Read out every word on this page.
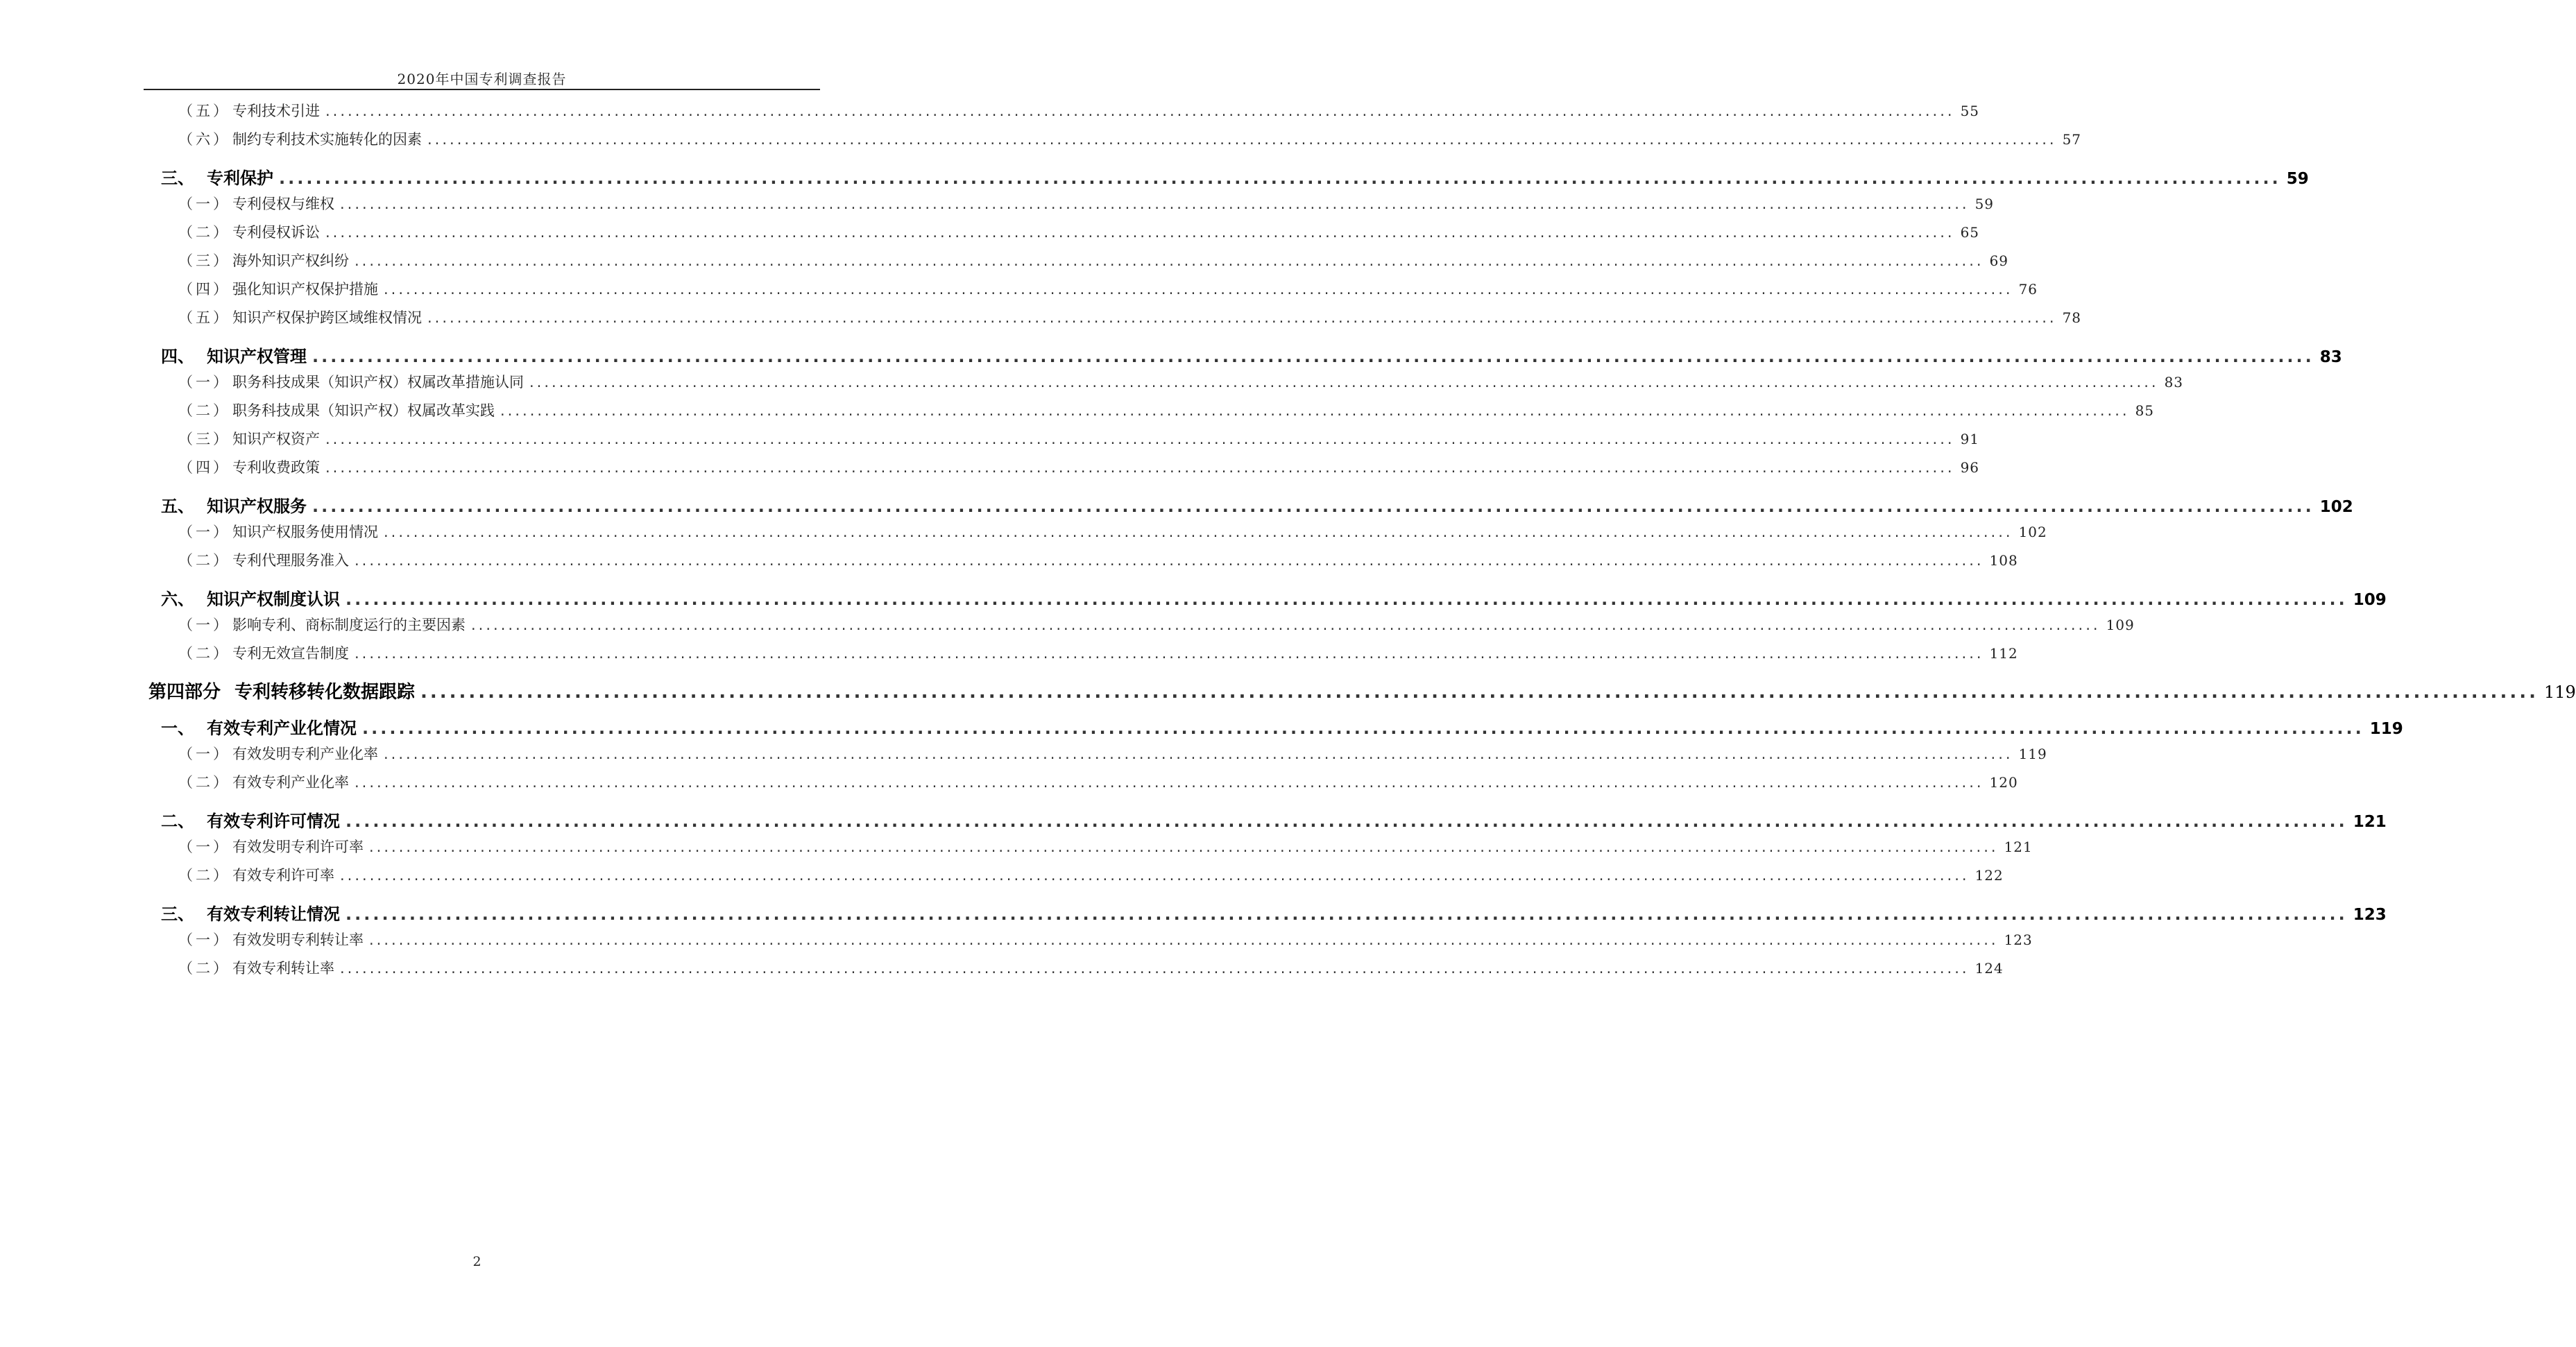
2020年中国专利调查报告
（五） 专利技术引进 ............................................................................................................................................................................................................................ 55
（六） 制约专利技术实施转化的因素 ............................................................................................................................................................................................................................ 57
三、 专利保护 ............................................................................................................................................................................................................................ 59
（一） 专利侵权与维权 ............................................................................................................................................................................................................................ 59
（二） 专利侵权诉讼 ............................................................................................................................................................................................................................ 65
（三） 海外知识产权纠纷 ............................................................................................................................................................................................................................ 69
（四） 强化知识产权保护措施 ............................................................................................................................................................................................................................ 76
（五） 知识产权保护跨区域维权情况 ............................................................................................................................................................................................................................ 78
四、 知识产权管理 ............................................................................................................................................................................................................................ 83
（一） 职务科技成果（知识产权）权属改革措施认同 ............................................................................................................................................................................................................................ 83
（二） 职务科技成果（知识产权）权属改革实践 ............................................................................................................................................................................................................................ 85
（三） 知识产权资产 ............................................................................................................................................................................................................................ 91
（四） 专利收费政策 ............................................................................................................................................................................................................................ 96
五、 知识产权服务 ............................................................................................................................................................................................................................ 102
（一） 知识产权服务使用情况 ............................................................................................................................................................................................................................ 102
（二） 专利代理服务准入 ............................................................................................................................................................................................................................ 108
六、 知识产权制度认识 ............................................................................................................................................................................................................................ 109
（一） 影响专利、商标制度运行的主要因素 ............................................................................................................................................................................................................................ 109
（二） 专利无效宣告制度 ............................................................................................................................................................................................................................ 112
第四部分 专利转移转化数据跟踪 ............................................................................................................................................................................................................................ 119
一、 有效专利产业化情况 ............................................................................................................................................................................................................................ 119
（一） 有效发明专利产业化率 ............................................................................................................................................................................................................................ 119
（二） 有效专利产业化率 ............................................................................................................................................................................................................................ 120
二、 有效专利许可情况 ............................................................................................................................................................................................................................ 121
（一） 有效发明专利许可率 ............................................................................................................................................................................................................................ 121
（二） 有效专利许可率 ............................................................................................................................................................................................................................ 122
三、 有效专利转让情况 ............................................................................................................................................................................................................................ 123
（一） 有效发明专利转让率 ............................................................................................................................................................................................................................ 123
（二） 有效专利转让率 ............................................................................................................................................................................................................................ 124
2
